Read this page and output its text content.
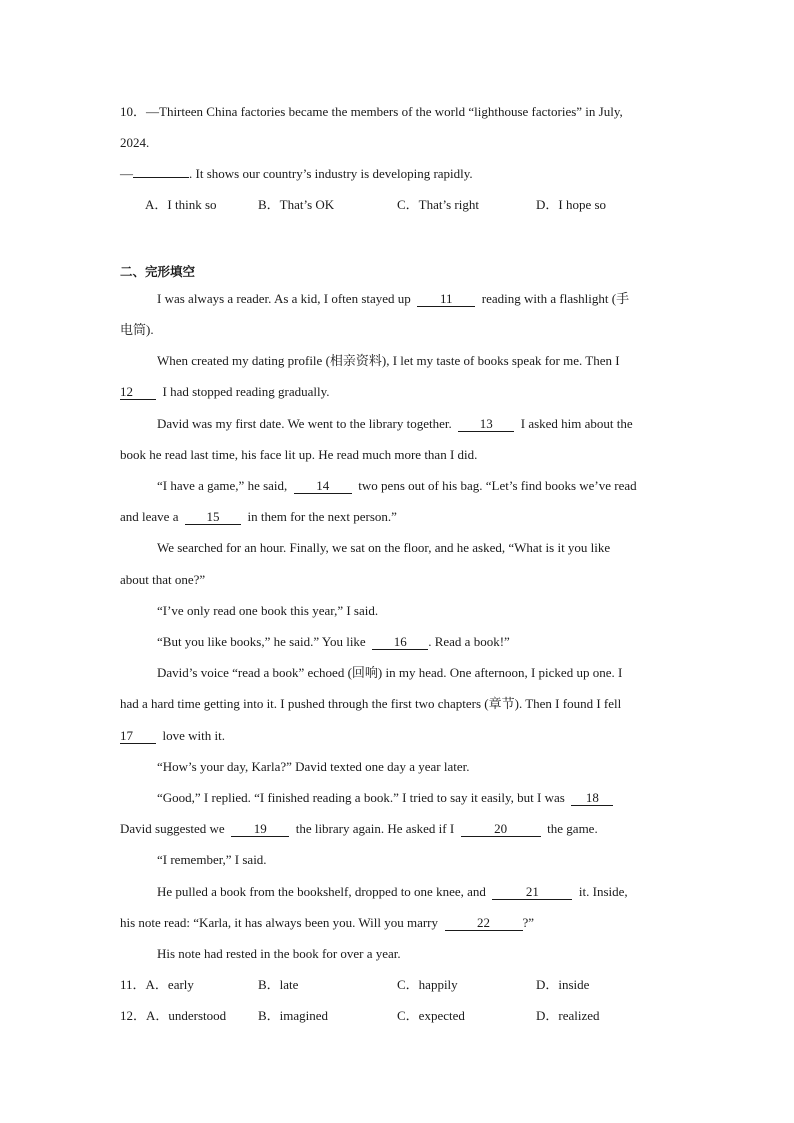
10．—Thirteen China factories became the members of the world “lighthouse factories” in July,
2024.
—	. It shows our country’s industry is developing rapidly.
A．I think so	B．That’s OK	C．That’s right	D．I hope so
二、完形填空
I was always a reader. As a kid, I often stayed up 11 reading with a flashlight (手
电筒).
When created my dating profile (相亲资料), I let my taste of books speak for me. Then I
12 I had stopped reading gradually.
David was my first date. We went to the library together. 13 I asked him about the
book he read last time, his face lit up. He read much more than I did.
“I have a game,” he said, 14 two pens out of his bag. “Let’s find books we’ve read
and leave a 15 in them for the next person.”
We searched for an hour. Finally, we sat on the floor, and he asked, “What is it you like
about that one?”
“I’ve only read one book this year,” I said.
“But you like books,” he said.” You like 16 . Read a book!”
David’s voice “read a book” echoed (回响) in my head. One afternoon, I picked up one. I
had a hard time getting into it. I pushed through the first two chapters (章节). Then I found I fell
17 love with it.
“How’s your day, Karla?” David texted one day a year later.
“Good,” I replied. “I finished reading a book.” I tried to say it easily, but I was 18
David suggested we 19 the library again. He asked if I	20	the game.
“I remember,” I said.
He pulled a book from the bookshelf, dropped to one knee, and	21	it. Inside,
his note read: “Karla, it has always been you. Will you marry	22	?”
His note had rested in the book for over a year.
11．A．early	B．late	C．happily	D．inside
12．A．understood B．imagined	C．expected	D．realized
